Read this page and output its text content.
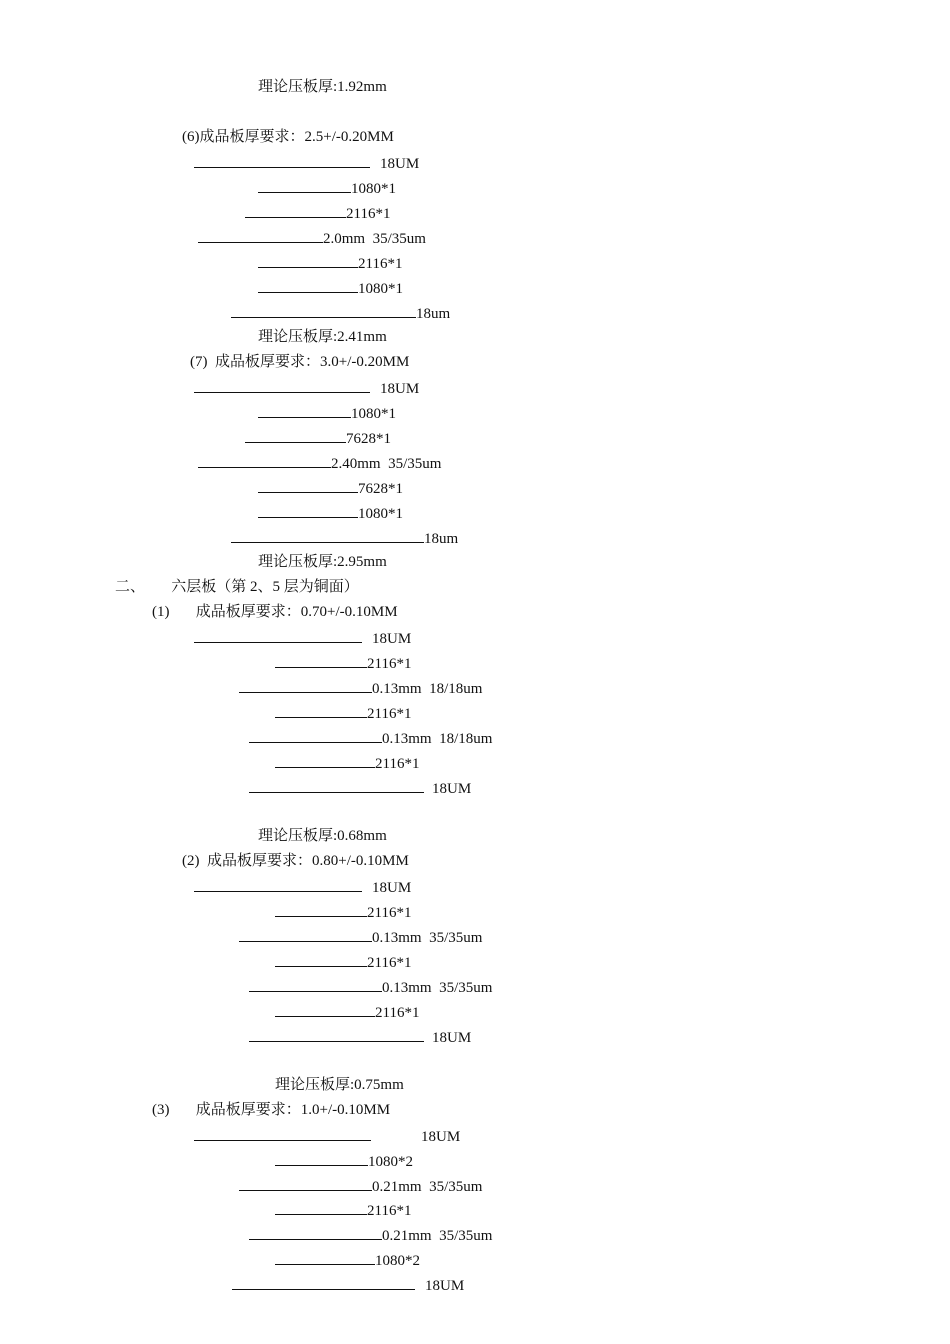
理论压板厚:1.92mm
(6)成品板厚要求：2.5+/-0.20MM
18UM
1080*1
2116*1
2.0mm  35/35um
2116*1
1080*1
18um
理论压板厚:2.41mm
(7)  成品板厚要求：3.0+/-0.20MM
18UM
1080*1
7628*1
2.40mm  35/35um
7628*1
1080*1
18um
理论压板厚:2.95mm
二、       六层板（第 2、5 层为铜面）
(1)       成品板厚要求：0.70+/-0.10MM
18UM
2116*1
0.13mm  18/18um
2116*1
0.13mm  18/18um
2116*1
18UM
理论压板厚:0.68mm
(2)  成品板厚要求：0.80+/-0.10MM
18UM
2116*1
0.13mm  35/35um
2116*1
0.13mm  35/35um
2116*1
18UM
理论压板厚:0.75mm
(3)       成品板厚要求：1.0+/-0.10MM
18UM
1080*2
0.21mm  35/35um
2116*1
0.21mm  35/35um
1080*2
18UM
